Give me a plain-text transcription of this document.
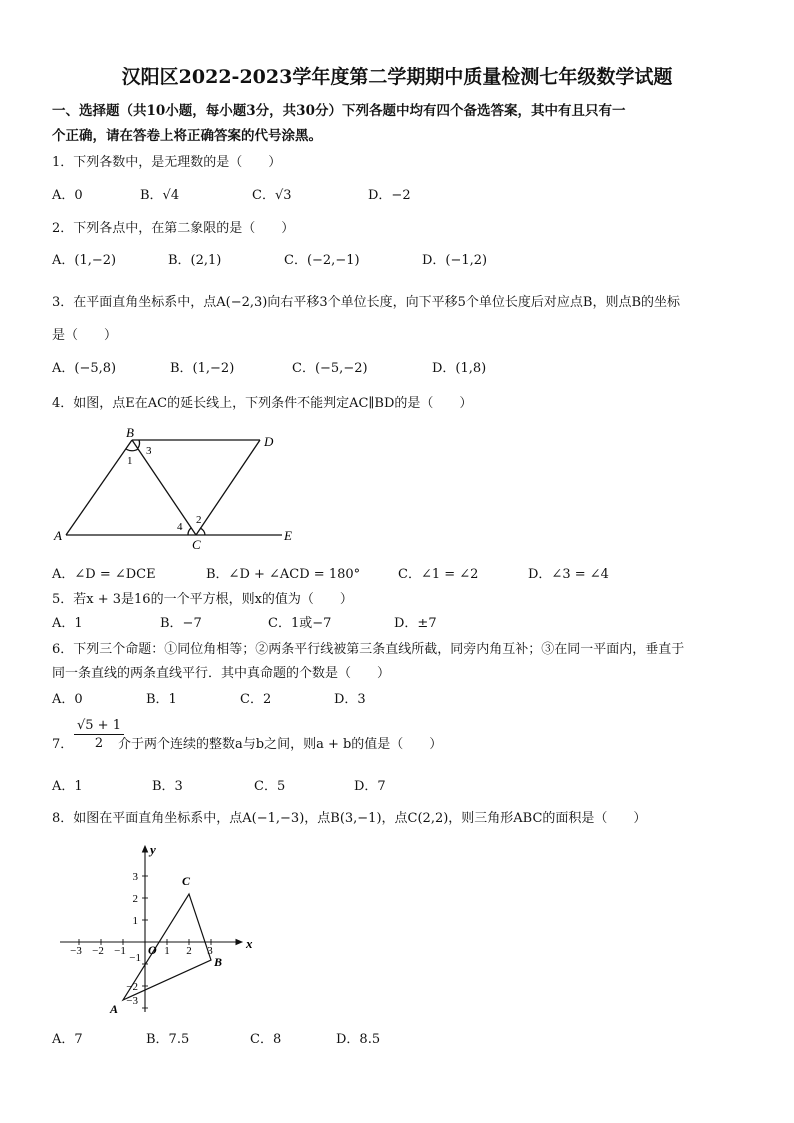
汉阳区2022-2023学年度第二学期期中质量检测七年级数学试题
一、选择题（共10小题，每小题3分，共30分）下列各题中均有四个备选答案，其中有且只有一
个正确，请在答卷上将正确答案的代号涂黑。
1．下列各数中，是无理数的是（　　）
A．0	B．√4	C．√3	D．−2
2．下列各点中，在第二象限的是（　　）
A．(1,−2)	B．(2,1)	C．(−2,−1)	D．(−1,2)
3．在平面直角坐标系中，点A(−2,3)向右平移3个单位长度，向下平移5个单位长度后对应点B，则点B的坐标
是（　　）
A．(−5,8)	B．(1,−2)	C．(−5,−2)	D．(1,8)
4．如图，点E在AC的延长线上，下列条件不能判定AC∥BD的是（　　）
B
D
A
C
E
1
3
2
4
A．∠D = ∠DCE	B．∠D + ∠ACD = 180°	C．∠1 = ∠2	D．∠3 = ∠4
5．若x + 3是16的一个平方根，则x的值为（　　）
A．1	B．−7	C．1或−7	D．±7
6．下列三个命题：①同位角相等；②两条平行线被第三条直线所截，同旁内角互补；③在同一平面内，垂直于
同一条直线的两条直线平行．其中真命题的个数是（　　）
A．0	B．1	C．2	D．3
7． $\frac{√5 + 1}{2}$
介于两个连续的整数a与b之间，则a + b的值是（　　）
A．1	B．3	C．5	D．7
8．如图在平面直角坐标系中，点A(−1,−3)，点B(3,−1)，点C(2,2)，则三角形ABC的面积是（　　）
x
y
O
−3 −2 −1	1 2 3
3
2
1
−1
−2
−3
A
B
C
A．7	B．7.5	C．8	D．8.5
